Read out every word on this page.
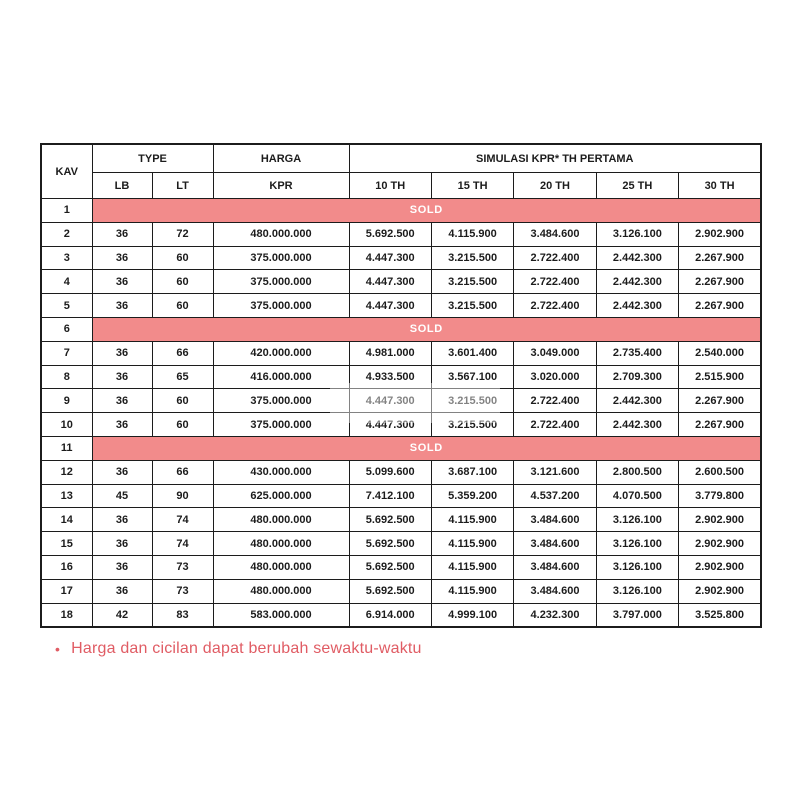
KAV	TYPE		HARGA	SIMULASI KPR* TH PERTAMA				
	LB	LT	KPR	10 TH	15 TH	20 TH	25 TH	30 TH
1	SOLD							
2	36	72	480.000.000	5.692.500	4.115.900	3.484.600	3.126.100	2.902.900
3	36	60	375.000.000	4.447.300	3.215.500	2.722.400	2.442.300	2.267.900
4	36	60	375.000.000	4.447.300	3.215.500	2.722.400	2.442.300	2.267.900
5	36	60	375.000.000	4.447.300	3.215.500	2.722.400	2.442.300	2.267.900
6	SOLD							
7	36	66	420.000.000	4.981.000	3.601.400	3.049.000	2.735.400	2.540.000
8	36	65	416.000.000	4.933.500	3.567.100	3.020.000	2.709.300	2.515.900
9	36	60	375.000.000	4.447.300	3.215.500	2.722.400	2.442.300	2.267.900
10	36	60	375.000.000	4.447.300	3.215.500	2.722.400	2.442.300	2.267.900
11	SOLD							
12	36	66	430.000.000	5.099.600	3.687.100	3.121.600	2.800.500	2.600.500
13	45	90	625.000.000	7.412.100	5.359.200	4.537.200	4.070.500	3.779.800
14	36	74	480.000.000	5.692.500	4.115.900	3.484.600	3.126.100	2.902.900
15	36	74	480.000.000	5.692.500	4.115.900	3.484.600	3.126.100	2.902.900
16	36	73	480.000.000	5.692.500	4.115.900	3.484.600	3.126.100	2.902.900
17	36	73	480.000.000	5.692.500	4.115.900	3.484.600	3.126.100	2.902.900
18	42	83	583.000.000	6.914.000	4.999.100	4.232.300	3.797.000	3.525.800
• Harga dan cicilan dapat berubah sewaktu-waktu
